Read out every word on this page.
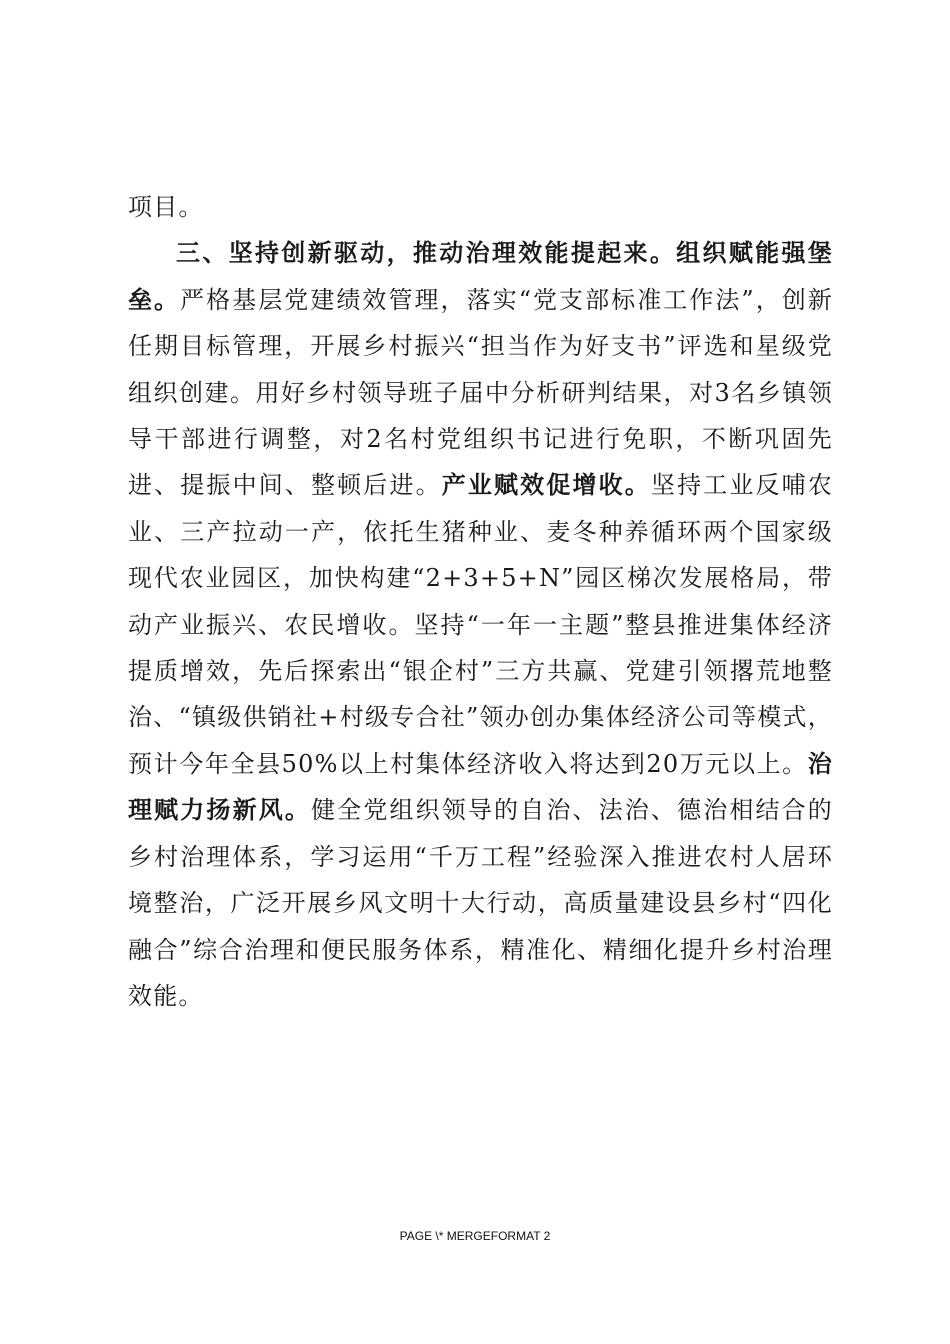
项目。

三、坚持创新驱动，推动治理效能提起来。组织赋能强堡垒。严格基层党建绩效管理，落实“党支部标准工作法”，创新任期目标管理，开展乡村振兴“担当作为好支书”评选和星级党组织创建。用好乡村领导班子届中分析研判结果，对3名乡镇领导干部进行调整，对2名村党组织书记进行免职，不断巩固先进、提振中间、整顿后进。产业赋效促增收。坚持工业反哺农业、三产拉动一产，依托生猪种业、麦冬种养循环两个国家级现代农业园区，加快构建“2+3+5+N”园区梯次发展格局，带动产业振兴、农民增收。坚持“一年一主题”整县推进集体经济提质增效，先后探索出“银企村”三方共赢、党建引领撂荒地整治、“镇级供销社+村级专合社”领办创办集体经济公司等模式，预计今年全县50%以上村集体经济收入将达到20万元以上。治理赋力扬新风。健全党组织领导的自治、法治、德治相结合的乡村治理体系，学习运用“千万工程”经验深入推进农村人居环境整治，广泛开展乡风文明十大行动，高质量建设县乡村“四化融合”综合治理和便民服务体系，精准化、精细化提升乡村治理效能。

PAGE \* MERGEFORMAT 2
